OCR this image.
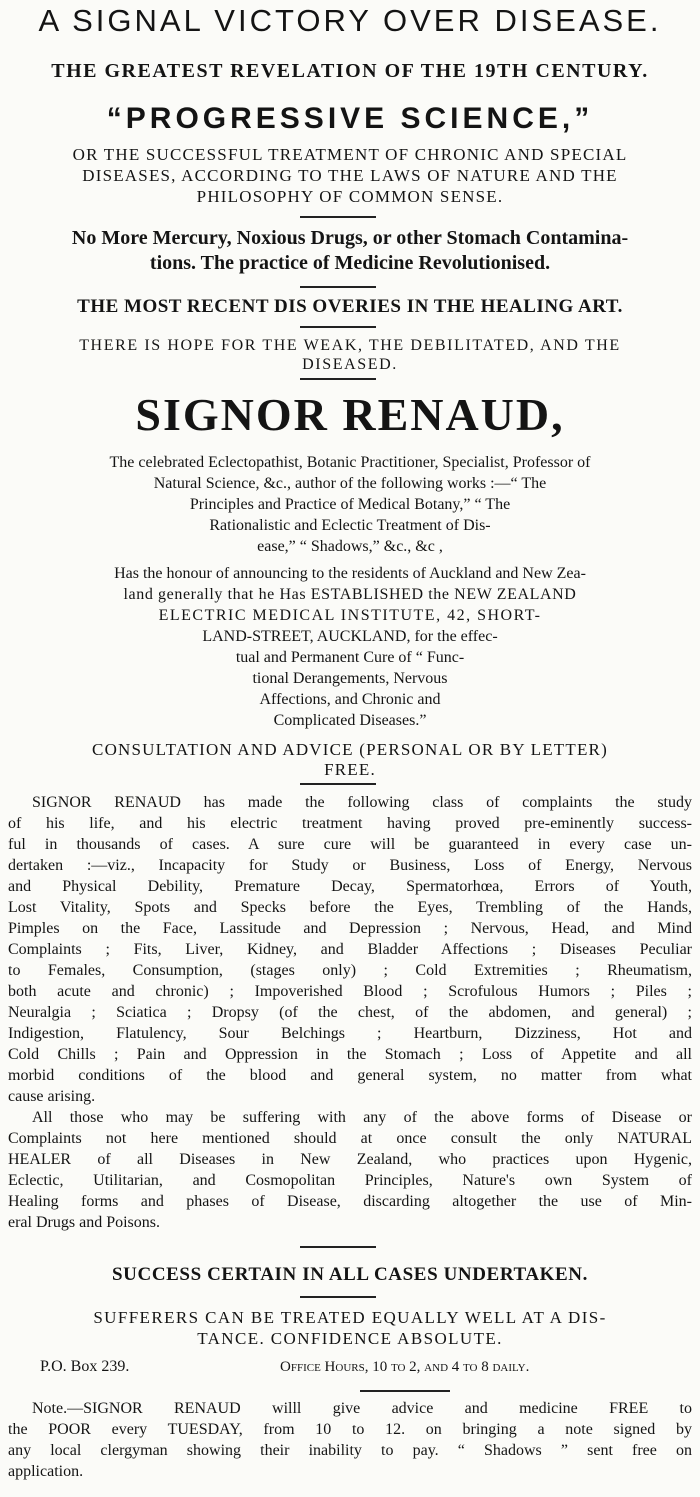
A SIGNAL VICTORY OVER DISEASE.
THE GREATEST REVELATION OF THE 19TH CENTURY.
“PROGRESSIVE SCIENCE,”
OR THE SUCCESSFUL TREATMENT OF CHRONIC AND SPECIAL
DISEASES, ACCORDING TO THE LAWS OF NATURE AND THE
PHILOSOPHY OF COMMON SENSE.
No More Mercury, Noxious Drugs, or other Stomach Contamina-
tions. The practice of Medicine Revolutionised.
THE MOST RECENT DIS OVERIES IN THE HEALING ART.
THERE IS HOPE FOR THE WEAK, THE DEBILITATED, AND THE
DISEASED.
SIGNOR RENAUD,
The celebrated Eclectopathist, Botanic Practitioner, Specialist, Professor of
Natural Science, &c., author of the following works :—“ The
Principles and Practice of Medical Botany,” “ The
Rationalistic and Eclectic Treatment of Dis-
ease,” “ Shadows,” &c., &c ,
Has the honour of announcing to the residents of Auckland and New Zea-
land generally that he Has ESTABLISHED the NEW ZEALAND
ELECTRIC MEDICAL INSTITUTE, 42, SHORT-
LAND-STREET, AUCKLAND, for the effec-
tual and Permanent Cure of “ Func-
tional Derangements, Nervous
Affections, and Chronic and
Complicated Diseases.”
CONSULTATION AND ADVICE (PERSONAL OR BY LETTER)
FREE.
SIGNOR RENAUD has made the following class of complaints the study
of his life, and his electric treatment having proved pre-eminently success-
ful in thousands of cases. A sure cure will be guaranteed in every case un-
dertaken :—viz., Incapacity for Study or Business, Loss of Energy, Nervous
and Physical Debility, Premature Decay, Spermatorhœa, Errors of Youth,
Lost Vitality, Spots and Specks before the Eyes, Trembling of the Hands,
Pimples on the Face, Lassitude and Depression ; Nervous, Head, and Mind
Complaints ; Fits, Liver, Kidney, and Bladder Affections ; Diseases Peculiar
to Females, Consumption, (stages only) ; Cold Extremities ; Rheumatism,
both acute and chronic) ; Impoverished Blood ; Scrofulous Humors ; Piles ;
Neuralgia ; Sciatica ; Dropsy (of the chest, of the abdomen, and general) ;
Indigestion, Flatulency, Sour Belchings ; Heartburn, Dizziness, Hot and
Cold Chills ; Pain and Oppression in the Stomach ; Loss of Appetite and all
morbid conditions of the blood and general system, no matter from what
cause arising.
All those who may be suffering with any of the above forms of Disease or
Complaints not here mentioned should at once consult the only NATURAL
HEALER of all Diseases in New Zealand, who practices upon Hygenic,
Eclectic, Utilitarian, and Cosmopolitan Principles, Nature's own System of
Healing forms and phases of Disease, discarding altogether the use of Min-
eral Drugs and Poisons.
SUCCESS CERTAIN IN ALL CASES UNDERTAKEN.
SUFFERERS CAN BE TREATED EQUALLY WELL AT A DIS-
TANCE. CONFIDENCE ABSOLUTE.
P.O. Box 239.	Office Hours, 10 to 2, and 4 to 8 daily.
Note.—SIGNOR RENAUD willl give advice and medicine FREE to
the POOR every TUESDAY, from 10 to 12. on bringing a note signed by
any local clergyman showing their inability to pay. “ Shadows ” sent free on
application.
